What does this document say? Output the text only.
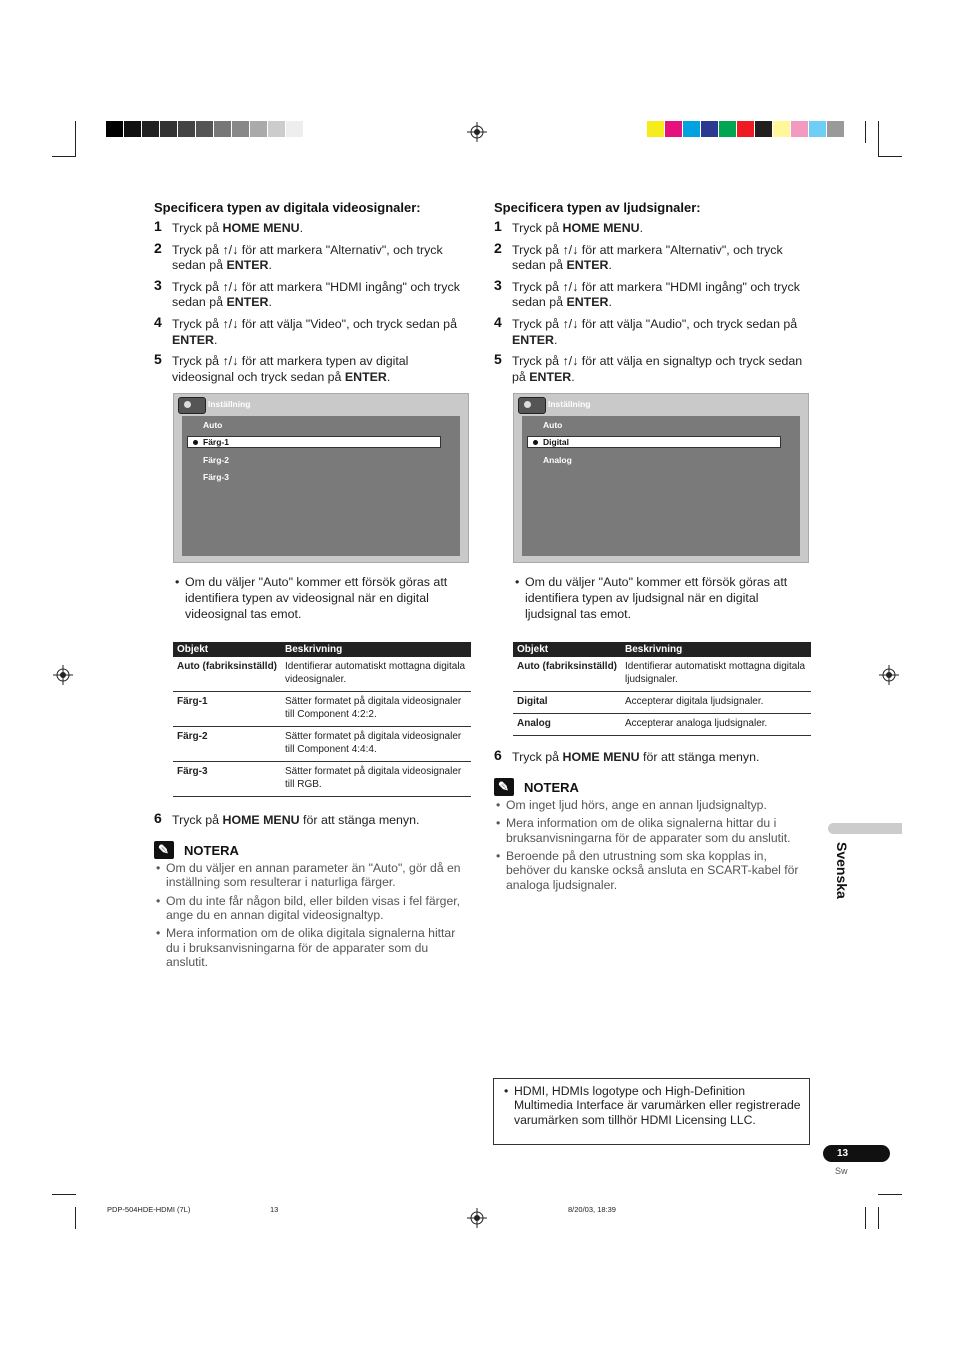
Specificera typen av digitala videosignaler:
1 Tryck på HOME MENU.
2 Tryck på ↑/↓ för att markera "Alternativ", och tryck sedan på ENTER.
3 Tryck på ↑/↓ för att markera "HDMI ingång" och tryck sedan på ENTER.
4 Tryck på ↑/↓ för att välja "Video", och tryck sedan på ENTER.
5 Tryck på ↑/↓ för att markera typen av digital videosignal och tryck sedan på ENTER.
Inställning
Auto
Färg-1
Färg-2
Färg-3
• Om du väljer "Auto" kommer ett försök göras att identifiera typen av videosignal när en digital videosignal tas emot.
Objekt	Beskrivning
Auto (fabriksinställd)	Identifierar automatiskt mottagna digitala videosignaler.
Färg-1	Sätter formatet på digitala videosignaler till Component 4:2:2.
Färg-2	Sätter formatet på digitala videosignaler till Component 4:4:4.
Färg-3	Sätter formatet på digitala videosignaler till RGB.
6 Tryck på HOME MENU för att stänga menyn.
✎
NOTERA
• Om du väljer en annan parameter än "Auto", gör då en inställning som resulterar i naturliga färger.
• Om du inte får någon bild, eller bilden visas i fel färger, ange du en annan digital videosignaltyp.
• Mera information om de olika digitala signalerna hittar du i bruksanvisningarna för de apparater som du anslutit.
Specificera typen av ljudsignaler:
1 Tryck på HOME MENU.
2 Tryck på ↑/↓ för att markera "Alternativ", och tryck sedan på ENTER.
3 Tryck på ↑/↓ för att markera "HDMI ingång" och tryck sedan på ENTER.
4 Tryck på ↑/↓ för att välja "Audio", och tryck sedan på ENTER.
5 Tryck på ↑/↓ för att välja en signaltyp och tryck sedan på ENTER.
Inställning
Auto
Digital
Analog
• Om du väljer "Auto" kommer ett försök göras att identifiera typen av ljudsignal när en digital ljudsignal tas emot.
Objekt	Beskrivning
Auto (fabriksinställd)	Identifierar automatiskt mottagna digitala ljudsignaler.
Digital	Accepterar digitala ljudsignaler.
Analog	Accepterar analoga ljudsignaler.
6 Tryck på HOME MENU för att stänga menyn.
✎
NOTERA
• Om inget ljud hörs, ange en annan ljudsignaltyp.
• Mera information om de olika signalerna hittar du i bruksanvisningarna för de apparater som du anslutit.
• Beroende på den utrustning som ska kopplas in, behöver du kanske också ansluta en SCART-kabel för analoga ljudsignaler.
• HDMI, HDMIs logotype och High-Definition Multimedia Interface är varumärken eller registrerade varumärken som tillhör HDMI Licensing LLC.
Svenska
13
Sw
PDP-504HDE-HDMI (7L)	13	8/20/03, 18:39
